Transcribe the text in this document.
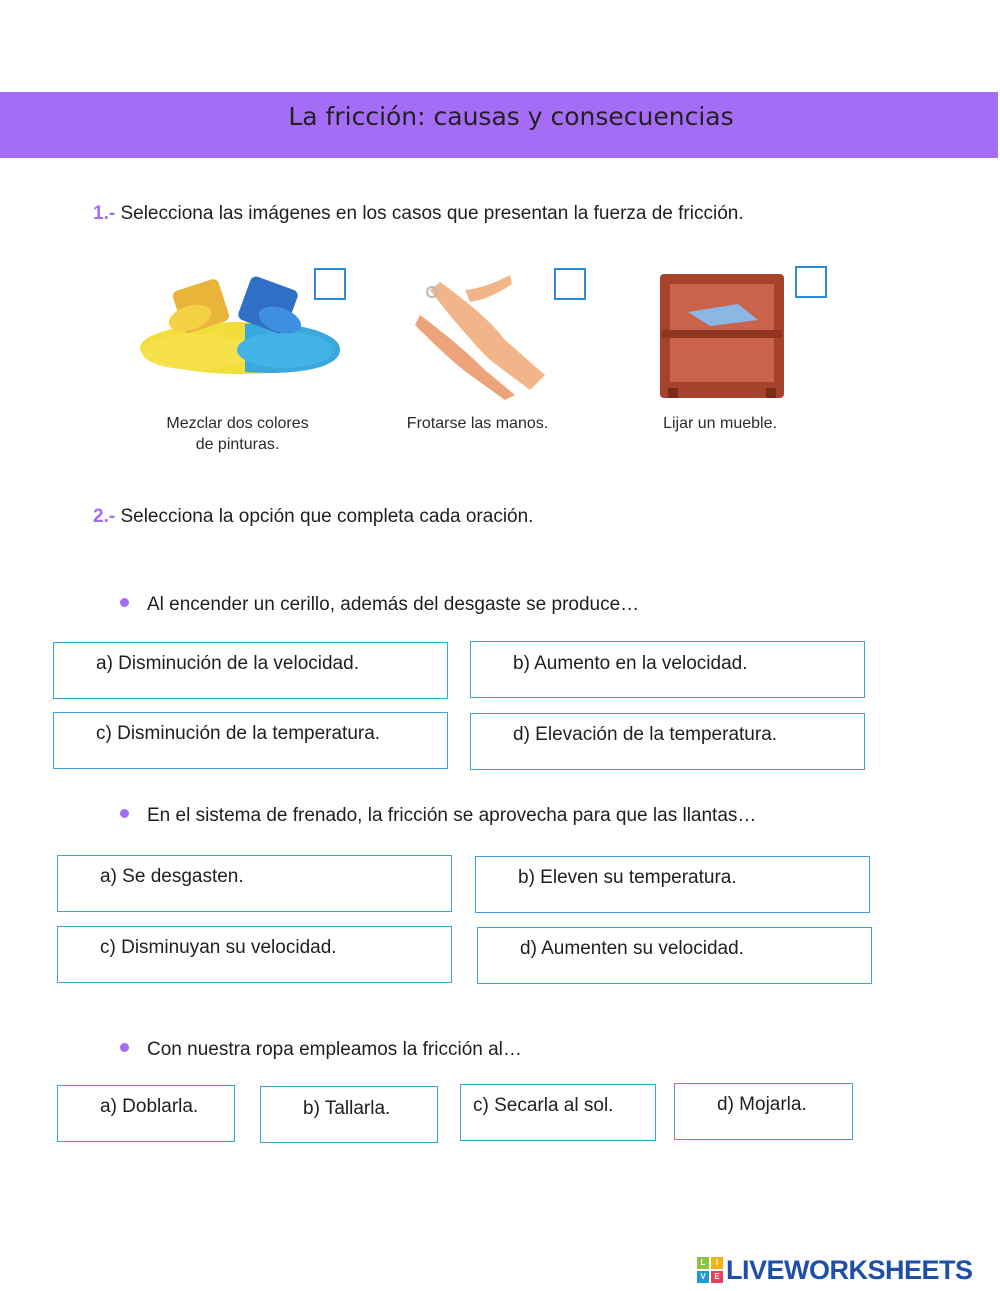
La fricción: causas y consecuencias
1.- Selecciona las imágenes en los casos que presentan la fuerza de fricción.
Mezclar dos colores
de pinturas.
Frotarse las manos.	Lijar un mueble.
2.- Selecciona la opción que completa cada oración.
Al encender un cerillo, además del desgaste se produce…
a) Disminución de la velocidad.	b) Aumento en la velocidad.
c) Disminución de la temperatura.	d) Elevación de la temperatura.
En el sistema de frenado, la fricción se aprovecha para que las llantas…
a) Se desgasten.	b) Eleven su temperatura.
c) Disminuyan su velocidad.	d) Aumenten su velocidad.
Con nuestra ropa empleamos la fricción al…
a) Doblarla.	b) Tallarla.	c) Secarla al sol.	d) Mojarla.
L	I
V	E LIVEWORKSHEETS
